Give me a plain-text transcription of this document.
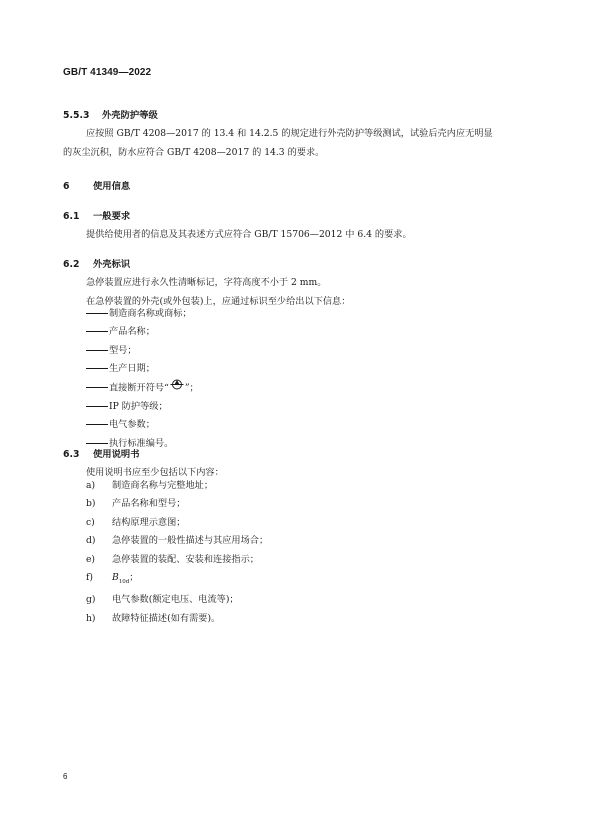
GB/T 41349—2022
5.5.3 外壳防护等级
应按照 GB/T 4208—2017 的 13.4 和 14.2.5 的规定进行外壳防护等级测试，试验后壳内应无明显
的灰尘沉积，防水应符合 GB/T 4208—2017 的 14.3 的要求。
6	使用信息
6.1 一般要求
提供给使用者的信息及其表述方式应符合 GB/T 15706—2012 中 6.4 的要求。
6.2 外壳标识
急停装置应进行永久性清晰标记，字符高度不小于 2 mm。
在急停装置的外壳(或外包装)上，应通过标识至少给出以下信息：
制造商名称或商标；
产品名称；
型号；
生产日期；
直接断开符号“ ”；
IP 防护等级；
电气参数；
执行标准编号。
6.3 使用说明书
使用说明书应至少包括以下内容：
a) 制造商名称与完整地址；
b) 产品名称和型号；
c) 结构原理示意图；
d) 急停装置的一般性描述与其应用场合；
e) 急停装置的装配、安装和连接指示；
f) $B_{10d}$；
g) 电气参数(额定电压、电流等)；
h) 故障特征描述(如有需要)。
6
